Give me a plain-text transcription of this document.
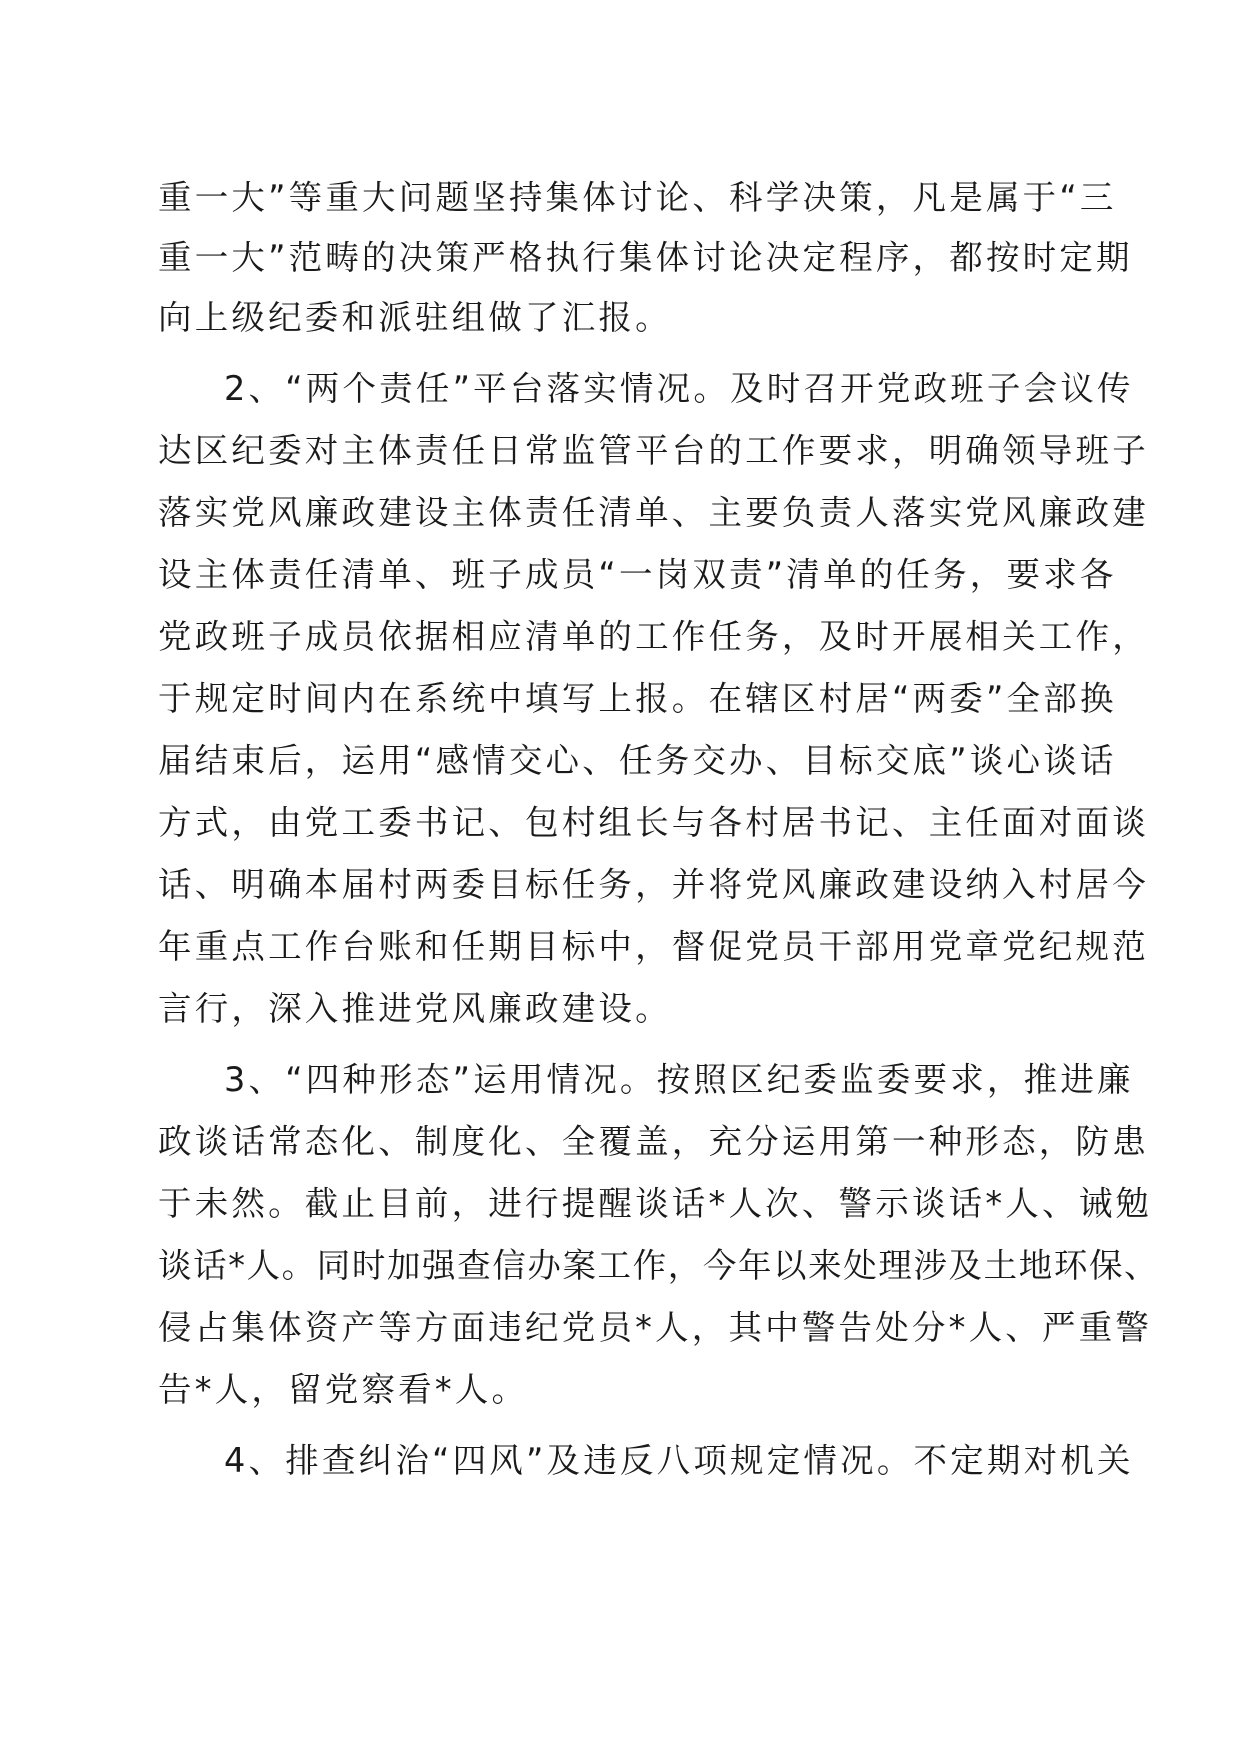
重一大”等重大问题坚持集体讨论、科学决策，凡是属于“三
重一大”范畴的决策严格执行集体讨论决定程序，都按时定期
向上级纪委和派驻组做了汇报。
2、“两个责任”平台落实情况。及时召开党政班子会议传
达区纪委对主体责任日常监管平台的工作要求，明确领导班子
落实党风廉政建设主体责任清单、主要负责人落实党风廉政建
设主体责任清单、班子成员“一岗双责”清单的任务，要求各
党政班子成员依据相应清单的工作任务，及时开展相关工作，
于规定时间内在系统中填写上报。在辖区村居“两委”全部换
届结束后，运用“感情交心、任务交办、目标交底”谈心谈话
方式，由党工委书记、包村组长与各村居书记、主任面对面谈
话、明确本届村两委目标任务，并将党风廉政建设纳入村居今
年重点工作台账和任期目标中，督促党员干部用党章党纪规范
言行，深入推进党风廉政建设。
3、“四种形态”运用情况。按照区纪委监委要求，推进廉
政谈话常态化、制度化、全覆盖，充分运用第一种形态，防患
于未然。截止目前，进行提醒谈话*人次、警示谈话*人、诫勉
谈话*人。同时加强查信办案工作，今年以来处理涉及土地环保、
侵占集体资产等方面违纪党员*人，其中警告处分*人、严重警
告*人，留党察看*人。
4、排查纠治“四风”及违反八项规定情况。不定期对机关
